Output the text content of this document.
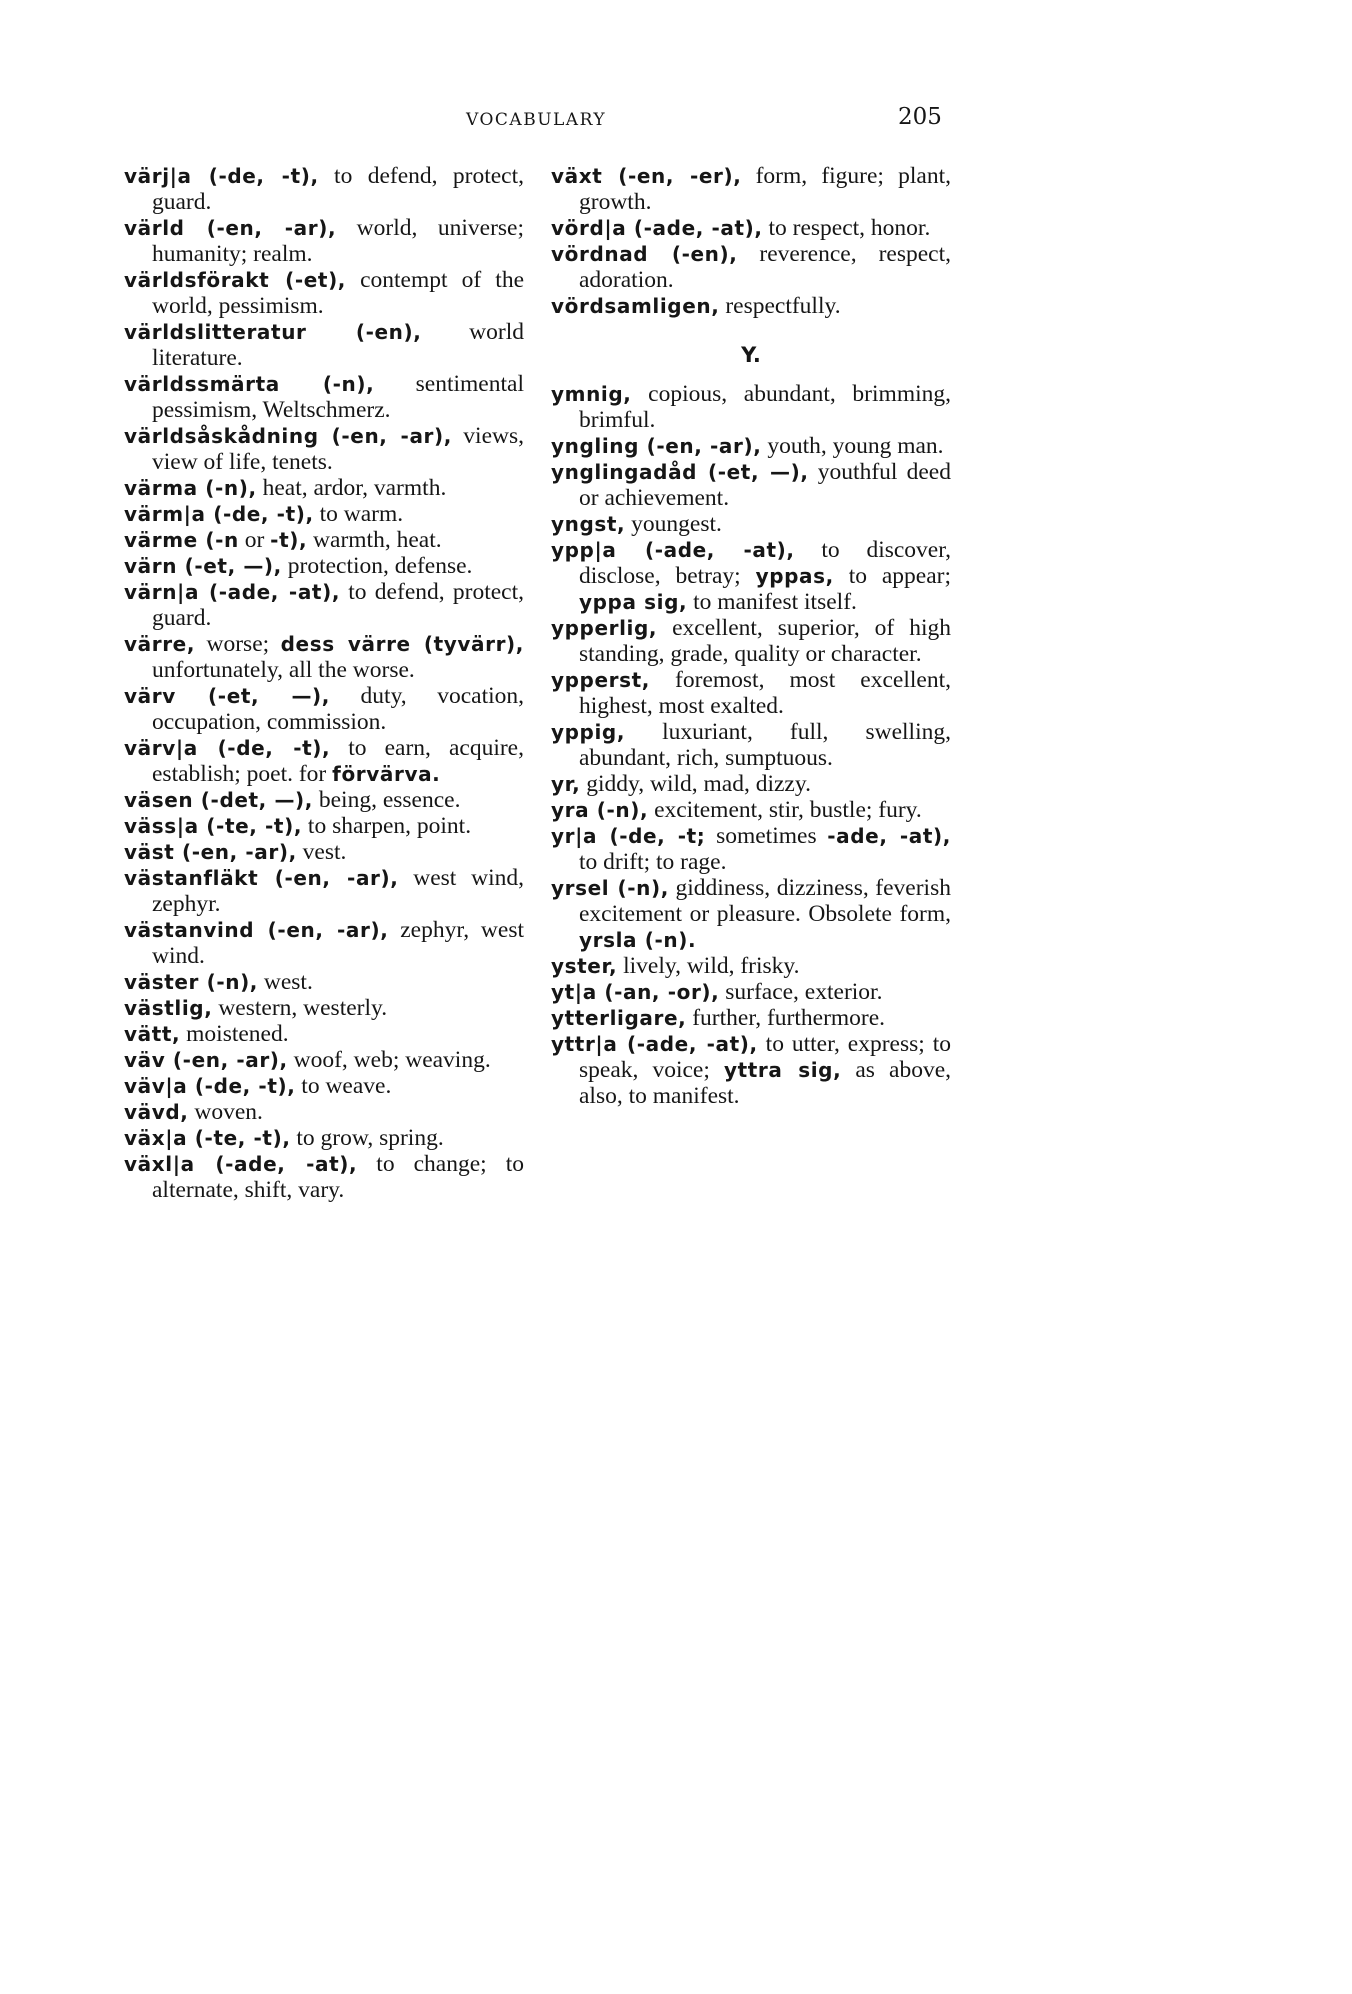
VOCABULARY	205

värj|a (-de, -t), to defend, protect, guard.

värld (-en, -ar), world, universe; humanity; realm.

världsförakt (-et), contempt of the world, pessimism.

världslitteratur (-en), world literature.

världssmärta (-n), sentimental pessimism, Weltschmerz.

världsåskådning (-en, -ar), views, view of life, tenets.

värma (-n), heat, ardor, varmth.

värm|a (-de, -t), to warm.

värme (-n or -t), warmth, heat.

värn (-et, —), protection, defense.

värn|a (-ade, -at), to defend, protect, guard.

värre, worse; dess värre (tyvärr), unfortunately, all the worse.

värv (-et, —), duty, vocation, occupation, commission.

värv|a (-de, -t), to earn, acquire, establish; poet. for förvärva.

väsen (-det, —), being, essence.

väss|a (-te, -t), to sharpen, point.

väst (-en, -ar), vest.

västanfläkt (-en, -ar), west wind, zephyr.

västanvind (-en, -ar), zephyr, west wind.

väster (-n), west.

västlig, western, westerly.

vätt, moistened.

väv (-en, -ar), woof, web; weaving.

väv|a (-de, -t), to weave.

vävd, woven.

väx|a (-te, -t), to grow, spring.

växl|a (-ade, -at), to change; to alternate, shift, vary.

växt (-en, -er), form, figure; plant, growth.

vörd|a (-ade, -at), to respect, honor.

vördnad (-en), reverence, respect, adoration.

vördsamligen, respectfully.

Y.

ymnig, copious, abundant, brimming, brimful.

yngling (-en, -ar), youth, young man.

ynglingadåd (-et, —), youthful deed or achievement.

yngst, youngest.

ypp|a (-ade, -at), to discover, disclose, betray; yppas, to appear; yppa sig, to manifest itself.

ypperlig, excellent, superior, of high standing, grade, quality or character.

ypperst, foremost, most excellent, highest, most exalted.

yppig, luxuriant, full, swelling, abundant, rich, sumptuous.

yr, giddy, wild, mad, dizzy.

yra (-n), excitement, stir, bustle; fury.

yr|a (-de, -t; sometimes -ade, -at), to drift; to rage.

yrsel (-n), giddiness, dizziness, feverish excitement or pleasure. Obsolete form, yrsla (-n).

yster, lively, wild, frisky.

yt|a (-an, -or), surface, exterior.

ytterligare, further, furthermore.

yttr|a (-ade, -at), to utter, express; to speak, voice; yttra sig, as above, also, to manifest.
